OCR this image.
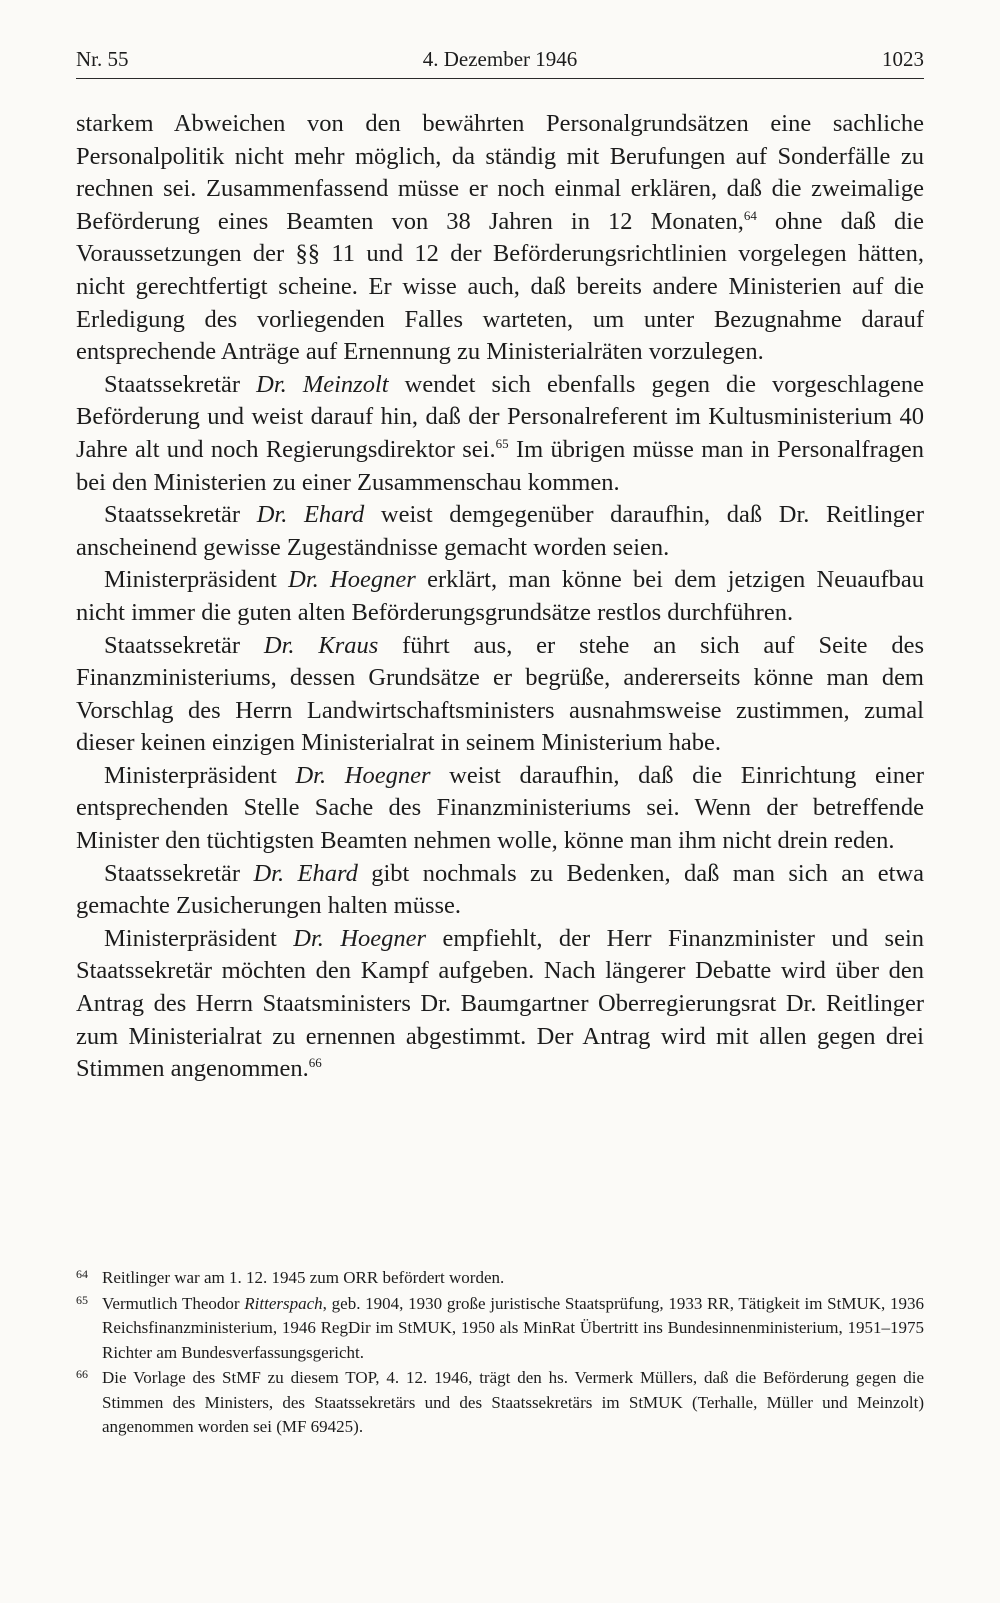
Nr. 55	4. Dezember 1946	1023

starkem Abweichen von den bewährten Personalgrundsätzen eine sachliche Personalpolitik nicht mehr möglich, da ständig mit Berufungen auf Sonderfälle zu rechnen sei. Zusammenfassend müsse er noch einmal erklären, daß die zweimalige Beförderung eines Beamten von 38 Jahren in 12 Monaten,$^{64}$ ohne daß die Voraussetzungen der §§ 11 und 12 der Beförderungsrichtlinien vorgelegen hätten, nicht gerechtfertigt scheine. Er wisse auch, daß bereits andere Ministerien auf die Erledigung des vorliegenden Falles warteten, um unter Bezugnahme darauf entsprechende Anträge auf Ernennung zu Ministerialräten vorzulegen.

Staatssekretär Dr. Meinzolt wendet sich ebenfalls gegen die vorgeschlagene Beförderung und weist darauf hin, daß der Personalreferent im Kultusministerium 40 Jahre alt und noch Regierungsdirektor sei.$^{65}$ Im übrigen müsse man in Personalfragen bei den Ministerien zu einer Zusammenschau kommen.

Staatssekretär Dr. Ehard weist demgegenüber daraufhin, daß Dr. Reitlinger anscheinend gewisse Zugeständnisse gemacht worden seien.

Ministerpräsident Dr. Hoegner erklärt, man könne bei dem jetzigen Neuaufbau nicht immer die guten alten Beförderungsgrundsätze restlos durchführen.

Staatssekretär Dr. Kraus führt aus, er stehe an sich auf Seite des Finanzministeriums, dessen Grundsätze er begrüße, andererseits könne man dem Vorschlag des Herrn Landwirtschaftsministers ausnahmsweise zustimmen, zumal dieser keinen einzigen Ministerialrat in seinem Ministerium habe.

Ministerpräsident Dr. Hoegner weist daraufhin, daß die Einrichtung einer entsprechenden Stelle Sache des Finanzministeriums sei. Wenn der betreffende Minister den tüchtigsten Beamten nehmen wolle, könne man ihm nicht drein reden.

Staatssekretär Dr. Ehard gibt nochmals zu Bedenken, daß man sich an etwa gemachte Zusicherungen halten müsse.

Ministerpräsident Dr. Hoegner empfiehlt, der Herr Finanzminister und sein Staatssekretär möchten den Kampf aufgeben. Nach längerer Debatte wird über den Antrag des Herrn Staatsministers Dr. Baumgartner Oberregierungsrat Dr. Reitlinger zum Ministerialrat zu ernennen abgestimmt. Der Antrag wird mit allen gegen drei Stimmen angenommen.$^{66}$

64 Reitlinger war am 1. 12. 1945 zum ORR befördert worden.
65 Vermutlich Theodor Ritterspach, geb. 1904, 1930 große juristische Staatsprüfung, 1933 RR, Tätigkeit im StMUK, 1936 Reichsfinanzministerium, 1946 RegDir im StMUK, 1950 als MinRat Übertritt ins Bundesinnenministerium, 1951–1975 Richter am Bundesverfassungsgericht.
66 Die Vorlage des StMF zu diesem TOP, 4. 12. 1946, trägt den hs. Vermerk Müllers, daß die Beförderung gegen die Stimmen des Ministers, des Staatssekretärs und des Staatssekretärs im StMUK (Terhalle, Müller und Meinzolt) angenommen worden sei (MF 69425).
